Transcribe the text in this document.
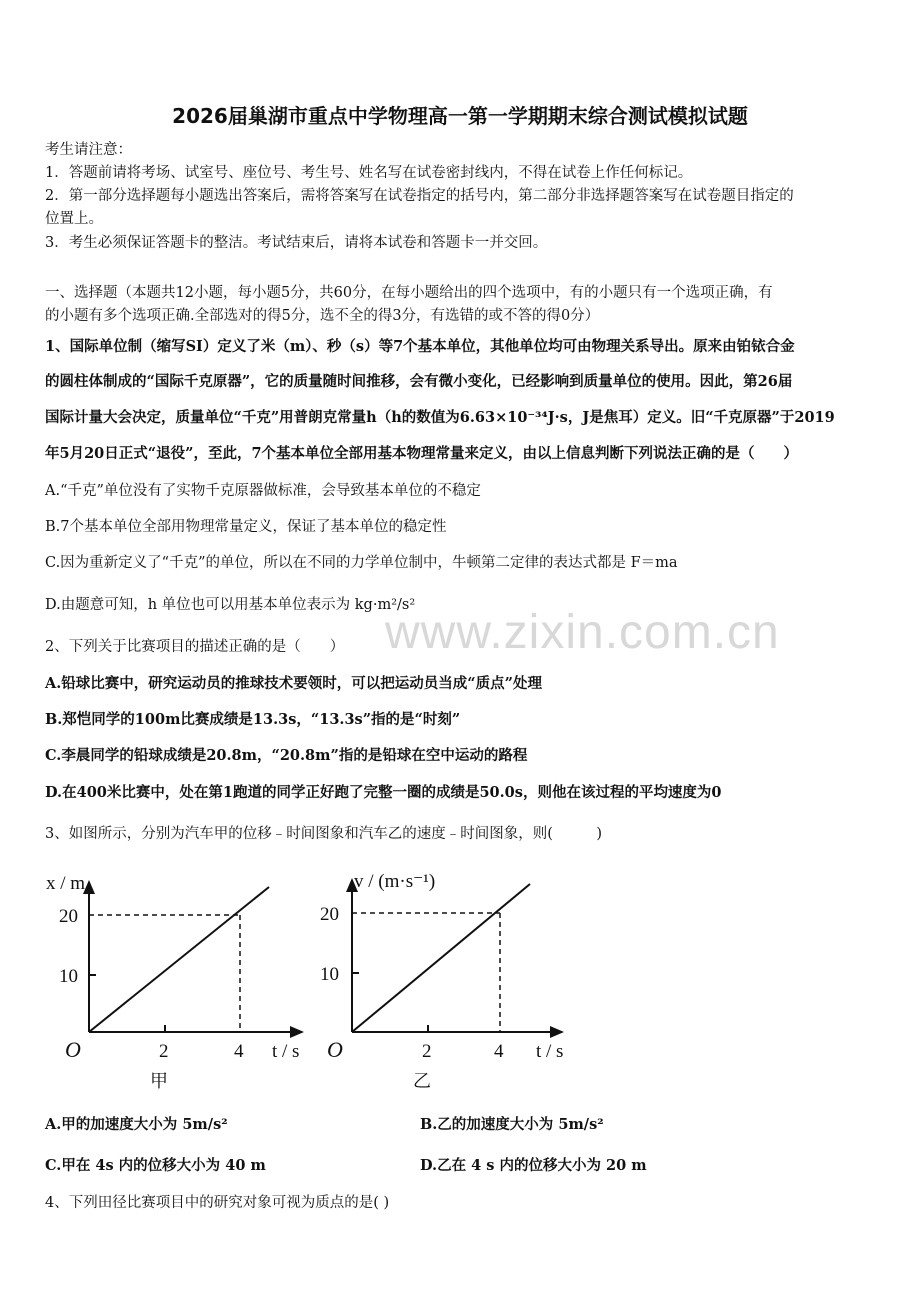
www.zixin.com.cn
2026届巢湖市重点中学物理高一第一学期期末综合测试模拟试题
考生请注意：
1．答题前请将考场、试室号、座位号、考生号、姓名写在试卷密封线内，不得在试卷上作任何标记。
2．第一部分选择题每小题选出答案后，需将答案写在试卷指定的括号内，第二部分非选择题答案写在试卷题目指定的
位置上。
3．考生必须保证答题卡的整洁。考试结束后，请将本试卷和答题卡一并交回。
一、选择题（本题共12小题，每小题5分，共60分，在每小题给出的四个选项中，有的小题只有一个选项正确，有
的小题有多个选项正确.全部选对的得5分，选不全的得3分，有选错的或不答的得0分）
1、国际单位制（缩写SI）定义了米（m）、秒（s）等7个基本单位，其他单位均可由物理关系导出。原来由铂铱合金
的圆柱体制成的“国际千克原器”，它的质量随时间推移，会有微小变化，已经影响到质量单位的使用。因此，第26届
国际计量大会决定，质量单位“千克”用普朗克常量h（h的数值为6.63×10⁻³⁴J·s，J是焦耳）定义。旧“千克原器”于2019
年5月20日正式“退役”，至此，7个基本单位全部用基本物理常量来定义，由以上信息判断下列说法正确的是（　　）
A.“千克”单位没有了实物千克原器做标准，会导致基本单位的不稳定
B.7个基本单位全部用物理常量定义，保证了基本单位的稳定性
C.因为重新定义了“千克”的单位，所以在不同的力学单位制中，牛顿第二定律的表达式都是 F＝ma
D.由题意可知，h 单位也可以用基本单位表示为 kg·m²/s²
2、下列关于比赛项目的描述正确的是（　　）
A.铅球比赛中，研究运动员的推球技术要领时，可以把运动员当成“质点”处理
B.郑恺同学的100m比赛成绩是13.3s，“13.3s”指的是“时刻”
C.李晨同学的铅球成绩是20.8m，“20.8m”指的是铅球在空中运动的路程
D.在400米比赛中，处在第1跑道的同学正好跑了完整一圈的成绩是50.0s，则他在该过程的平均速度为0
3、如图所示，分别为汽车甲的位移﹣时间图象和汽车乙的速度﹣时间图象，则(　　　)
x / m
20
10
O	2	4 t / s
甲
v / (m·s⁻¹)
20
10
O	2	4 t / s
乙
A.甲的加速度大小为 5m/s²	B.乙的加速度大小为 5m/s²
C.甲在 4s 内的位移大小为 40 m	D.乙在 4 s 内的位移大小为 20 m
4、下列田径比赛项目中的研究对象可视为质点的是( )
